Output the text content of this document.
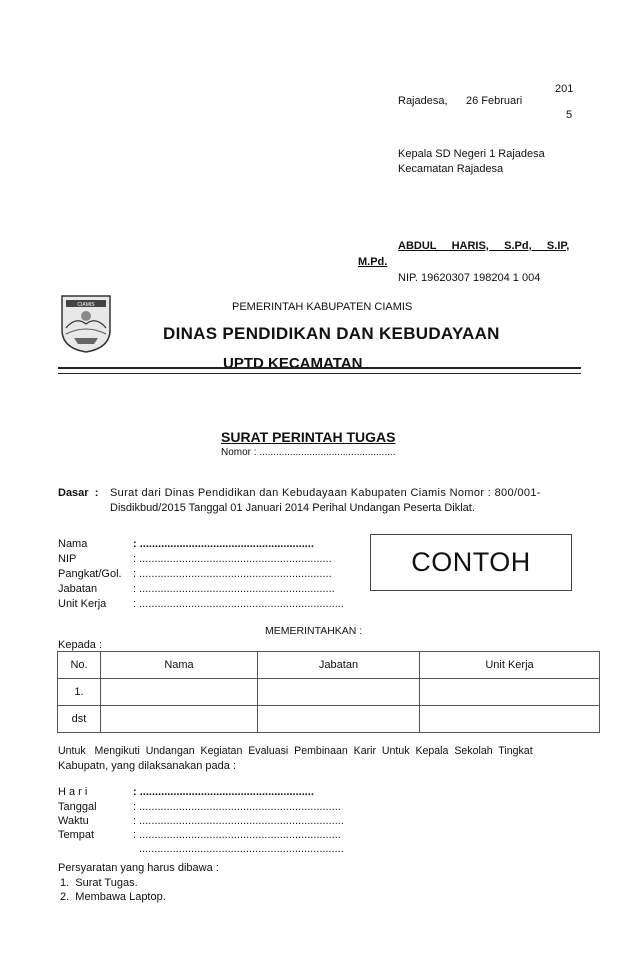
201
Rajadesa, 26 Februari
5
Kepala SD Negeri 1 Rajadesa
Kecamatan Rajadesa
ABDUL     HARIS,     S.Pd,     S.IP,
M.Pd.
NIP. 19620307 198204 1 004
CIAMIS	PEMERINTAH KABUPATEN CIAMIS
DINAS PENDIDIKAN DAN KEBUDAYAAN
UPTD KECAMATAN
SURAT PERINTAH TUGAS
Nomor : .................................................
Dasar  : Surat dari Dinas Pendidikan dan Kebudayaan Kabupaten Ciamis Nomor : 800/001-
Disdikbud/2015 Tanggal 01 Januari 2014 Perihal Undangan Peserta Diklat.
Nama	: .........................................................
NIP	: ...............................................................
Pangkat/Gol. : ...............................................................
Jabatan	: ................................................................
Unit Kerja : ...................................................................
CONTOH
MEMERINTAHKAN :
Kepada :
No.	Nama	Jabatan	Unit Kerja
1.			
dst			
Untuk   Mengikuti  Undangan  Kegiatan  Evaluasi  Pembinaan  Karir  Untuk  Kepala  Sekolah  Tingkat
Kabupatn, yang dilaksanakan pada :
H a r i	: .........................................................
Tanggal	: ..................................................................
Waktu	: ...................................................................
Tempat	: ..................................................................
...................................................................
Persyaratan yang harus dibawa :
1.  Surat Tugas.
2.  Membawa Laptop.
